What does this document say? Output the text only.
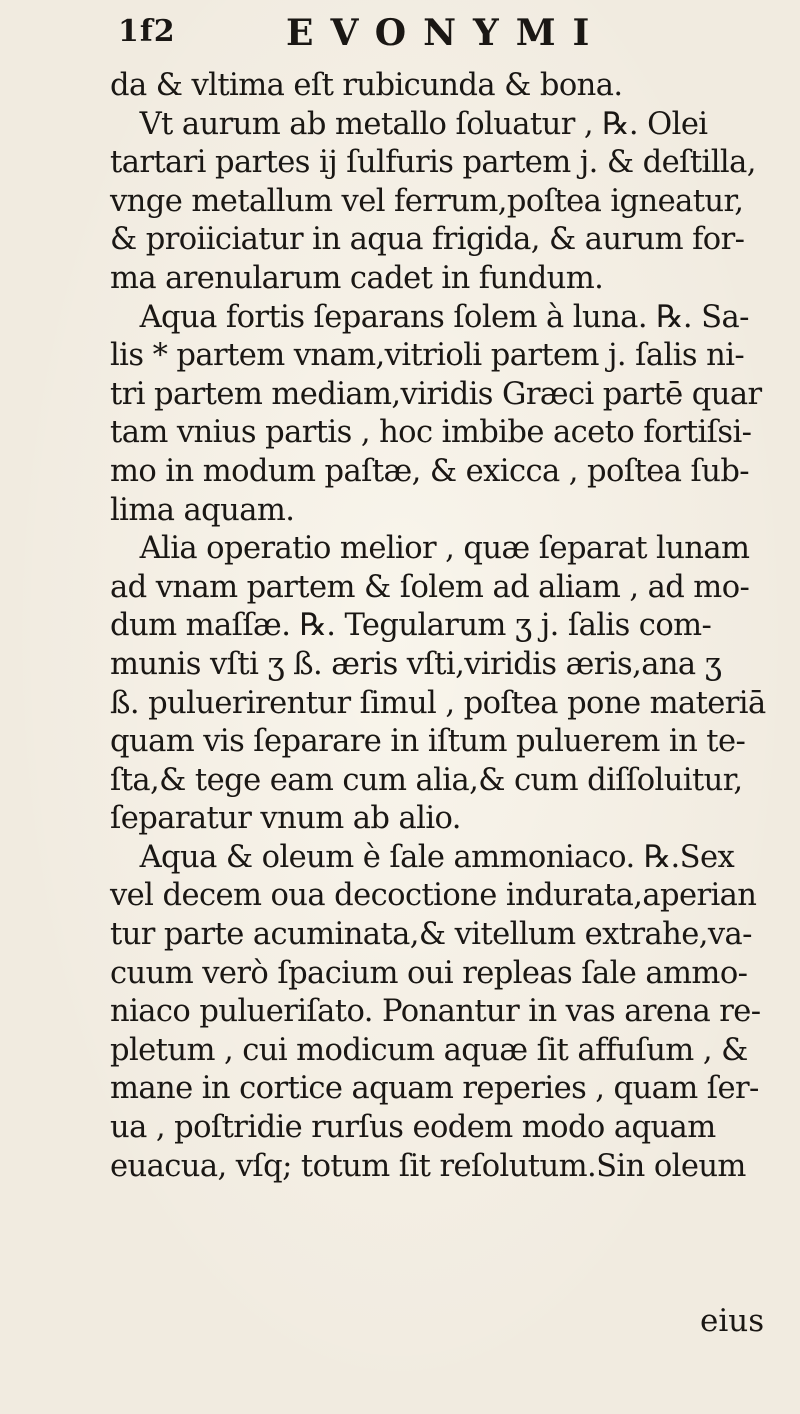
1f2	EVONYMI
da & vltima eſt rubicunda & bona.
Vt aurum ab metallo ſoluatur , ℞. Olei
tartari partes ij ſulfuris partem j. & deſtilla,
vnge metallum vel ferrum,poſtea igneatur,
& proiiciatur in aqua frigida, & aurum for-
ma arenularum cadet in fundum.
Aqua fortis ſeparans ſolem à luna. ℞. Sa-
lis * partem vnam,vitrioli partem j. ſalis ni-
tri partem mediam,viridis Græci partē quar
tam vnius partis , hoc imbibe aceto fortiſsi-
mo in modum paſtæ, & exicca , poſtea ſub-
lima aquam.
Alia operatio melior , quæ ſeparat lunam
ad vnam partem & ſolem ad aliam , ad mo-
dum maſſæ. ℞. Tegularum ʒ j. ſalis com-
munis vſti ʒ ß. æris vſti,viridis æris,ana ʒ
ß. puluerirentur ſimul , poſtea pone materiā
quam vis ſeparare in iſtum puluerem in te-
ſta,& tege eam cum alia,& cum diſſoluitur,
ſeparatur vnum ab alio.
Aqua & oleum è ſale ammoniaco. ℞.Sex
vel decem oua decoctione indurata,aperian
tur parte acuminata,& vitellum extrahe,va-
cuum verò ſpacium oui repleas ſale ammo-
niaco pulueriſato. Ponantur in vas arena re-
pletum , cui modicum aquæ ſit affuſum , &
mane in cortice aquam reperies , quam ſer-
ua , poſtridie rurſus eodem modo aquam
euacua, vſq; totum ſit reſolutum.Sin oleum
eius
